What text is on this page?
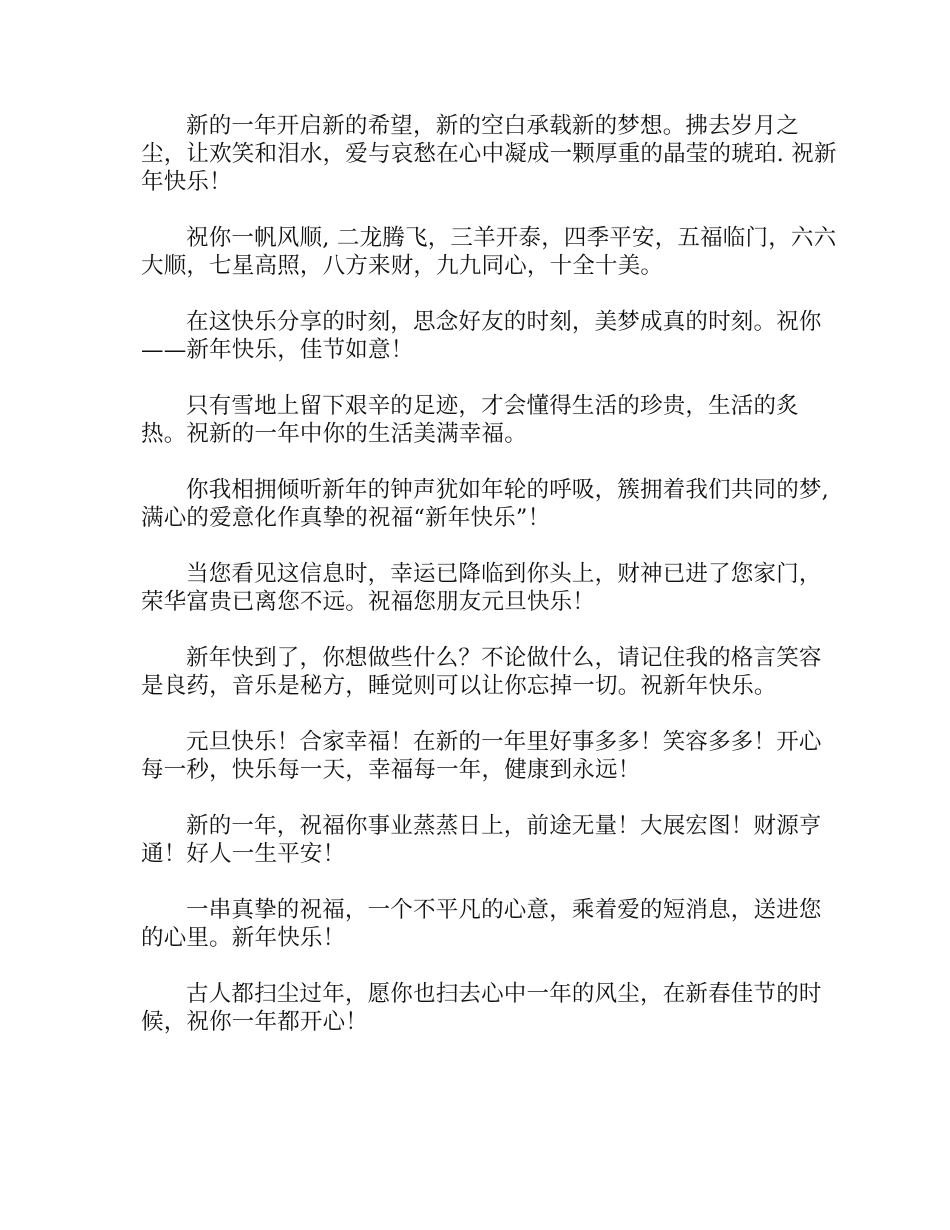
新的一年开启新的希望，新的空白承载新的梦想。拂去岁月之尘，让欢笑和泪水，爱与哀愁在心中凝成一颗厚重的晶莹的琥珀. 祝新年快乐！

祝你一帆风顺, 二龙腾飞，三羊开泰，四季平安，五福临门，六六大顺，七星高照，八方来财，九九同心，十全十美。

在这快乐分享的时刻，思念好友的时刻，美梦成真的时刻。祝你——新年快乐，佳节如意！

只有雪地上留下艰辛的足迹，才会懂得生活的珍贵，生活的炙热。祝新的一年中你的生活美满幸福。

你我相拥倾听新年的钟声犹如年轮的呼吸，簇拥着我们共同的梦, 满心的爱意化作真挚的祝福“新年快乐”！

当您看见这信息时，幸运已降临到你头上，财神已进了您家门，荣华富贵已离您不远。祝福您朋友元旦快乐！

新年快到了，你想做些什么？不论做什么，请记住我的格言笑容是良药，音乐是秘方，睡觉则可以让你忘掉一切。祝新年快乐。

元旦快乐！合家幸福！在新的一年里好事多多！笑容多多！开心每一秒，快乐每一天，幸福每一年，健康到永远！

新的一年，祝福你事业蒸蒸日上，前途无量！大展宏图！财源亨通！好人一生平安！

一串真挚的祝福，一个不平凡的心意，乘着爱的短消息，送进您的心里。新年快乐！

古人都扫尘过年，愿你也扫去心中一年的风尘，在新春佳节的时候，祝你一年都开心！
